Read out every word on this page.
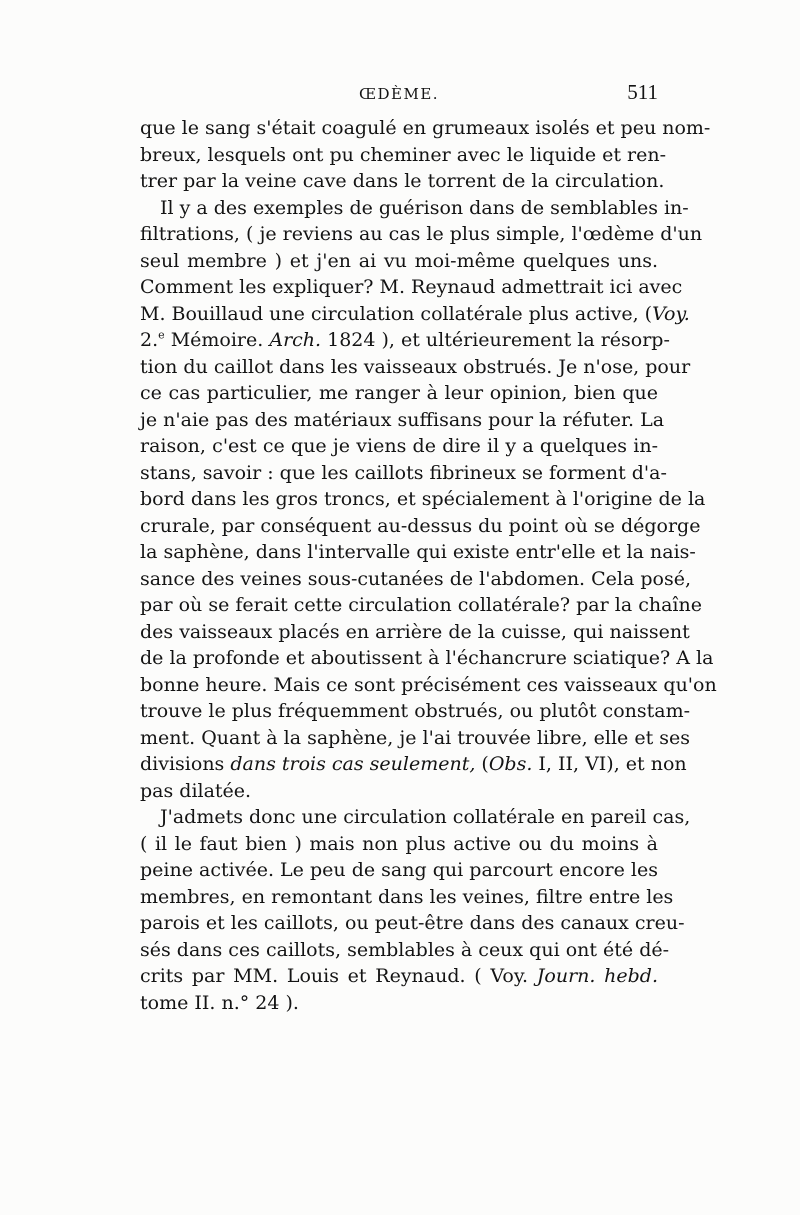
ŒDÈME.	511
que le sang s'était coagulé en grumeaux isolés et peu nom-
breux, lesquels ont pu cheminer avec le liquide et ren-
trer par la veine cave dans le torrent de la circulation.
Il y a des exemples de guérison dans de semblables in-
filtrations, ( je reviens au cas le plus simple, l'œdème d'un
seul membre ) et j'en ai vu moi-même quelques uns.
Comment les expliquer? M. Reynaud admettrait ici avec
M. Bouillaud une circulation collatérale plus active, (Voy.
2.$^e$ Mémoire. Arch. 1824 ), et ultérieurement la résorp-
tion du caillot dans les vaisseaux obstrués. Je n'ose, pour
ce cas particulier, me ranger à leur opinion, bien que
je n'aie pas des matériaux suffisans pour la réfuter. La
raison, c'est ce que je viens de dire il y a quelques in-
stans, savoir : que les caillots fibrineux se forment d'a-
bord dans les gros troncs, et spécialement à l'origine de la
crurale, par conséquent au-dessus du point où se dégorge
la saphène, dans l'intervalle qui existe entr'elle et la nais-
sance des veines sous-cutanées de l'abdomen. Cela posé,
par où se ferait cette circulation collatérale? par la chaîne
des vaisseaux placés en arrière de la cuisse, qui naissent
de la profonde et aboutissent à l'échancrure sciatique? A la
bonne heure. Mais ce sont précisément ces vaisseaux qu'on
trouve le plus fréquemment obstrués, ou plutôt constam-
ment. Quant à la saphène, je l'ai trouvée libre, elle et ses
divisions dans trois cas seulement, (Obs. I, II, VI), et non
pas dilatée.
J'admets donc une circulation collatérale en pareil cas,
( il le faut bien ) mais non plus active ou du moins à
peine activée. Le peu de sang qui parcourt encore les
membres, en remontant dans les veines, filtre entre les
parois et les caillots, ou peut-être dans des canaux creu-
sés dans ces caillots, semblables à ceux qui ont été dé-
crits par MM. Louis et Reynaud. ( Voy. Journ. hebd.
tome II. n.° 24 ).
